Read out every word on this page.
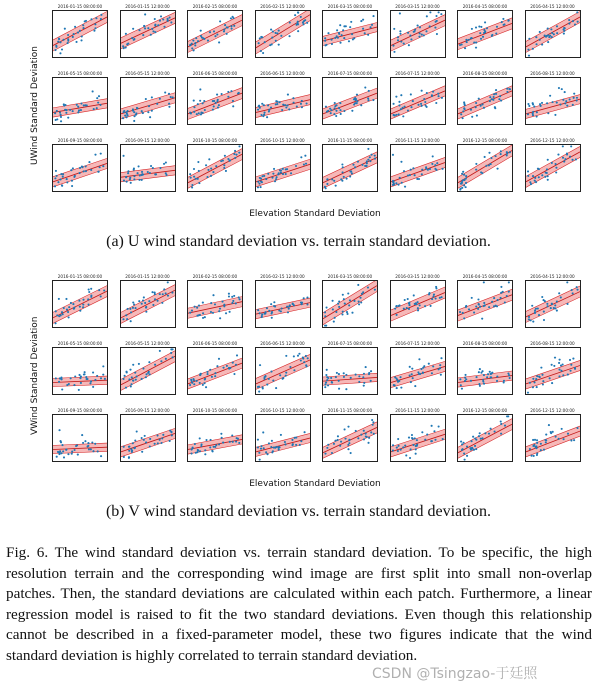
UWind Standard Deviation
2016-01-15 08:00:00	2016-01-15 12:00:00	2016-02-15 08:00:00	2016-02-15 12:00:00	2016-03-15 08:00:00	2016-03-15 12:00:00	2016-04-15 08:00:00	2016-04-15 12:00:00
2016-05-15 08:00:00	2016-05-15 12:00:00	2016-06-15 08:00:00	2016-06-15 12:00:00	2016-07-15 08:00:00	2016-07-15 12:00:00	2016-08-15 08:00:00	2016-08-15 12:00:00
2016-09-15 08:00:00	2016-09-15 12:00:00	2016-10-15 08:00:00	2016-10-15 12:00:00	2016-11-15 08:00:00	2016-11-15 12:00:00	2016-12-15 08:00:00	2016-12-15 12:00:00
Elevation Standard Deviation
(a) U wind standard deviation vs. terrain standard deviation.
VWind Standard Deviation
2016-01-15 08:00:00	2016-01-15 12:00:00	2016-02-15 08:00:00	2016-02-15 12:00:00	2016-03-15 08:00:00	2016-03-15 12:00:00	2016-04-15 08:00:00	2016-04-15 12:00:00
2016-05-15 08:00:00	2016-05-15 12:00:00	2016-06-15 08:00:00	2016-06-15 12:00:00	2016-07-15 08:00:00	2016-07-15 12:00:00	2016-08-15 08:00:00	2016-08-15 12:00:00
2016-09-15 08:00:00	2016-09-15 12:00:00	2016-10-15 08:00:00	2016-10-15 12:00:00	2016-11-15 08:00:00	2016-11-15 12:00:00	2016-12-15 08:00:00	2016-12-15 12:00:00
Elevation Standard Deviation
(b) V wind standard deviation vs. terrain standard deviation.
Fig. 6. The wind standard deviation vs. terrain standard deviation. To be specific, the high resolution terrain and the corresponding wind image are first split into small non-overlap patches. Then, the standard deviations are calculated within each patch. Furthermore, a linear regression model is raised to fit the two standard deviations. Even though this relationship cannot be described in a fixed-parameter model, these two figures indicate that the wind standard deviation is highly correlated to terrain standard deviation.
CSDN @Tsingzao-于廷照
